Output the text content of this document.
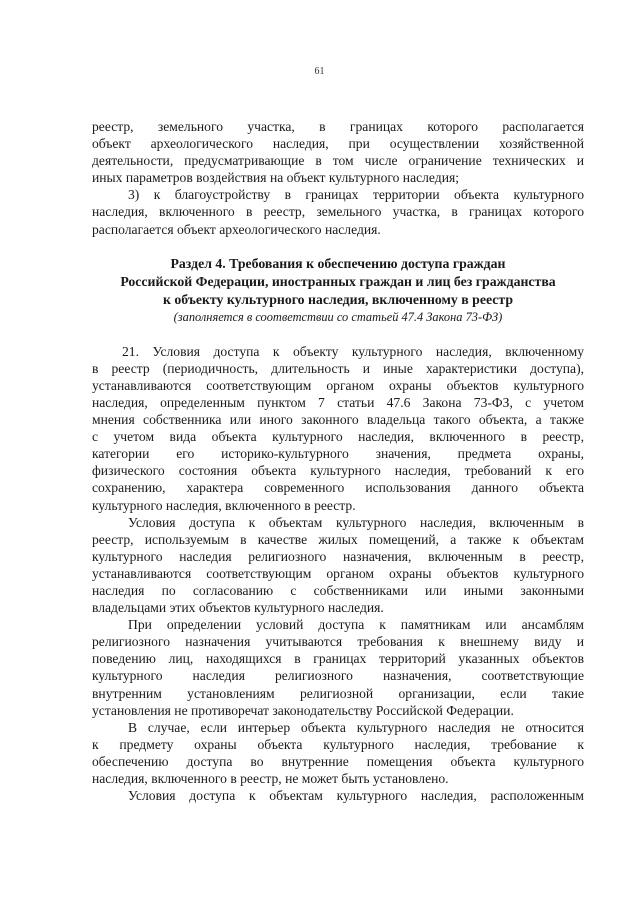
61
реестр, земельного участка, в границах которого располагается
объект археологического наследия, при осуществлении хозяйственной
деятельности, предусматривающие в том числе ограничение технических и
иных параметров воздействия на объект культурного наследия;
3) к благоустройству в границах территории объекта культурного
наследия, включенного в реестр, земельного участка, в границах которого
располагается объект археологического наследия.
Раздел 4. Требования к обеспечению доступа граждан
Российской Федерации, иностранных граждан и лиц без гражданства
к объекту культурного наследия, включенному в реестр
(заполняется в соответствии со статьей 47.4 Закона 73-ФЗ)
21. Условия доступа к объекту культурного наследия, включенному
в реестр (периодичность, длительность и иные характеристики доступа),
устанавливаются соответствующим органом охраны объектов культурного
наследия, определенным пунктом 7 статьи 47.6 Закона 73-ФЗ, с учетом
мнения собственника или иного законного владельца такого объекта, а также
с учетом вида объекта культурного наследия, включенного в реестр,
категории его историко-культурного значения, предмета охраны,
физического состояния объекта культурного наследия, требований к его
сохранению, характера современного использования данного объекта
культурного наследия, включенного в реестр.
Условия доступа к объектам культурного наследия, включенным в
реестр, используемым в качестве жилых помещений, а также к объектам
культурного наследия религиозного назначения, включенным в реестр,
устанавливаются соответствующим органом охраны объектов культурного
наследия по согласованию с собственниками или иными законными
владельцами этих объектов культурного наследия.
При определении условий доступа к памятникам или ансамблям
религиозного назначения учитываются требования к внешнему виду и
поведению лиц, находящихся в границах территорий указанных объектов
культурного наследия религиозного назначения, соответствующие
внутренним установлениям религиозной организации, если такие
установления не противоречат законодательству Российской Федерации.
В случае, если интерьер объекта культурного наследия не относится
к предмету охраны объекта культурного наследия, требование к
обеспечению доступа во внутренние помещения объекта культурного
наследия, включенного в реестр, не может быть установлено.
Условия доступа к объектам культурного наследия, расположенным
